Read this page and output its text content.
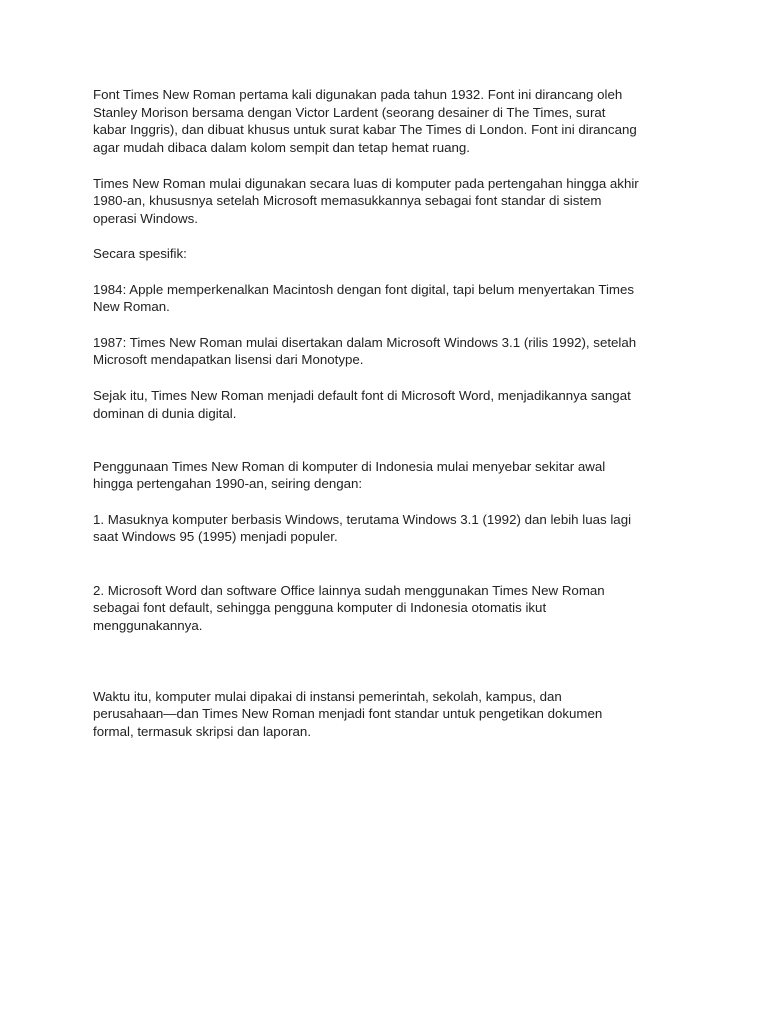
Font Times New Roman pertama kali digunakan pada tahun 1932. Font ini dirancang oleh
Stanley Morison bersama dengan Victor Lardent (seorang desainer di The Times, surat
kabar Inggris), dan dibuat khusus untuk surat kabar The Times di London. Font ini dirancang
agar mudah dibaca dalam kolom sempit dan tetap hemat ruang.

Times New Roman mulai digunakan secara luas di komputer pada pertengahan hingga akhir
1980-an, khususnya setelah Microsoft memasukkannya sebagai font standar di sistem
operasi Windows.

Secara spesifik:

1984: Apple memperkenalkan Macintosh dengan font digital, tapi belum menyertakan Times
New Roman.

1987: Times New Roman mulai disertakan dalam Microsoft Windows 3.1 (rilis 1992), setelah
Microsoft mendapatkan lisensi dari Monotype.

Sejak itu, Times New Roman menjadi default font di Microsoft Word, menjadikannya sangat
dominan di dunia digital.

Penggunaan Times New Roman di komputer di Indonesia mulai menyebar sekitar awal
hingga pertengahan 1990-an, seiring dengan:

1. Masuknya komputer berbasis Windows, terutama Windows 3.1 (1992) dan lebih luas lagi
saat Windows 95 (1995) menjadi populer.

2. Microsoft Word dan software Office lainnya sudah menggunakan Times New Roman
sebagai font default, sehingga pengguna komputer di Indonesia otomatis ikut
menggunakannya.

Waktu itu, komputer mulai dipakai di instansi pemerintah, sekolah, kampus, dan
perusahaan—dan Times New Roman menjadi font standar untuk pengetikan dokumen
formal, termasuk skripsi dan laporan.
